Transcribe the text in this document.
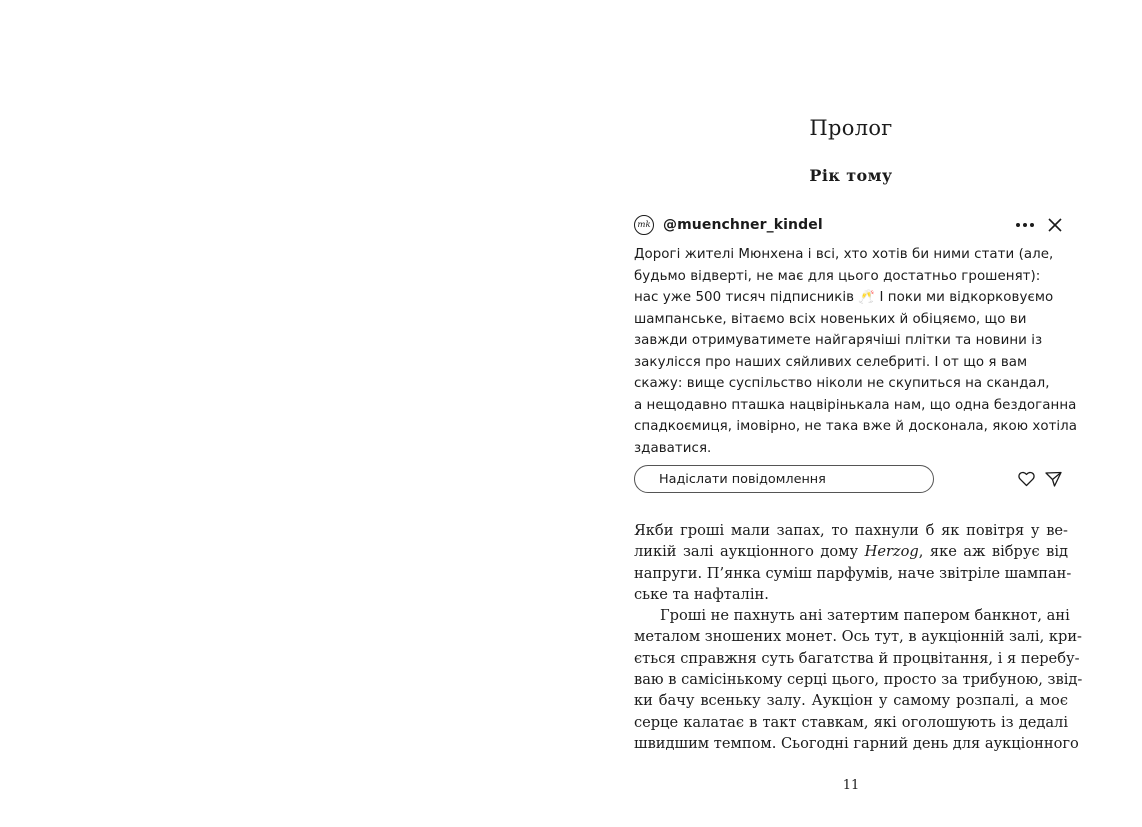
Пролог
Рік тому
mk @muenchner_kindel

Дорогі жителі Мюнхена і всі, хто хотів би ними стати (але,

будьмо відверті, не має для цього достатньо грошенят):

нас уже 500 тисяч підписників 🥂 І поки ми відкорковуємо

шампанське, вітаємо всіх новеньких й обіцяємо, що ви

завжди отримуватимете найгарячіші плітки та новини із

закулісся про наших сяйливих селебриті. І от що я вам

скажу: вище суспільство ніколи не скупиться на скандал,

а нещодавно пташка нацвірінькала нам, що одна бездоганна

спадкоємиця, імовірно, не така вже й досконала, якою хотіла

здаватися.

Надіслати повідомлення
Якби гроші мали запах, то пахнули б як повітря у ве-
ликій залі аукціонного дому Herzog, яке аж вібрує від
напруги. П’янка суміш парфумів, наче звітріле шампан-
ське та нафталін.
Гроші не пахнуть ані затертим папером банкнот, ані
металом зношених монет. Ось тут, в аукціонній залі, кри-
ється справжня суть багатства й процвітання, і я перебу-
ваю в самісінькому серці цього, просто за трибуною, звід-
ки бачу всеньку залу. Аукціон у самому розпалі, а моє
серце калатає в такт ставкам, які оголошують із дедалі
швидшим темпом. Сьогодні гарний день для аукціонного
11
